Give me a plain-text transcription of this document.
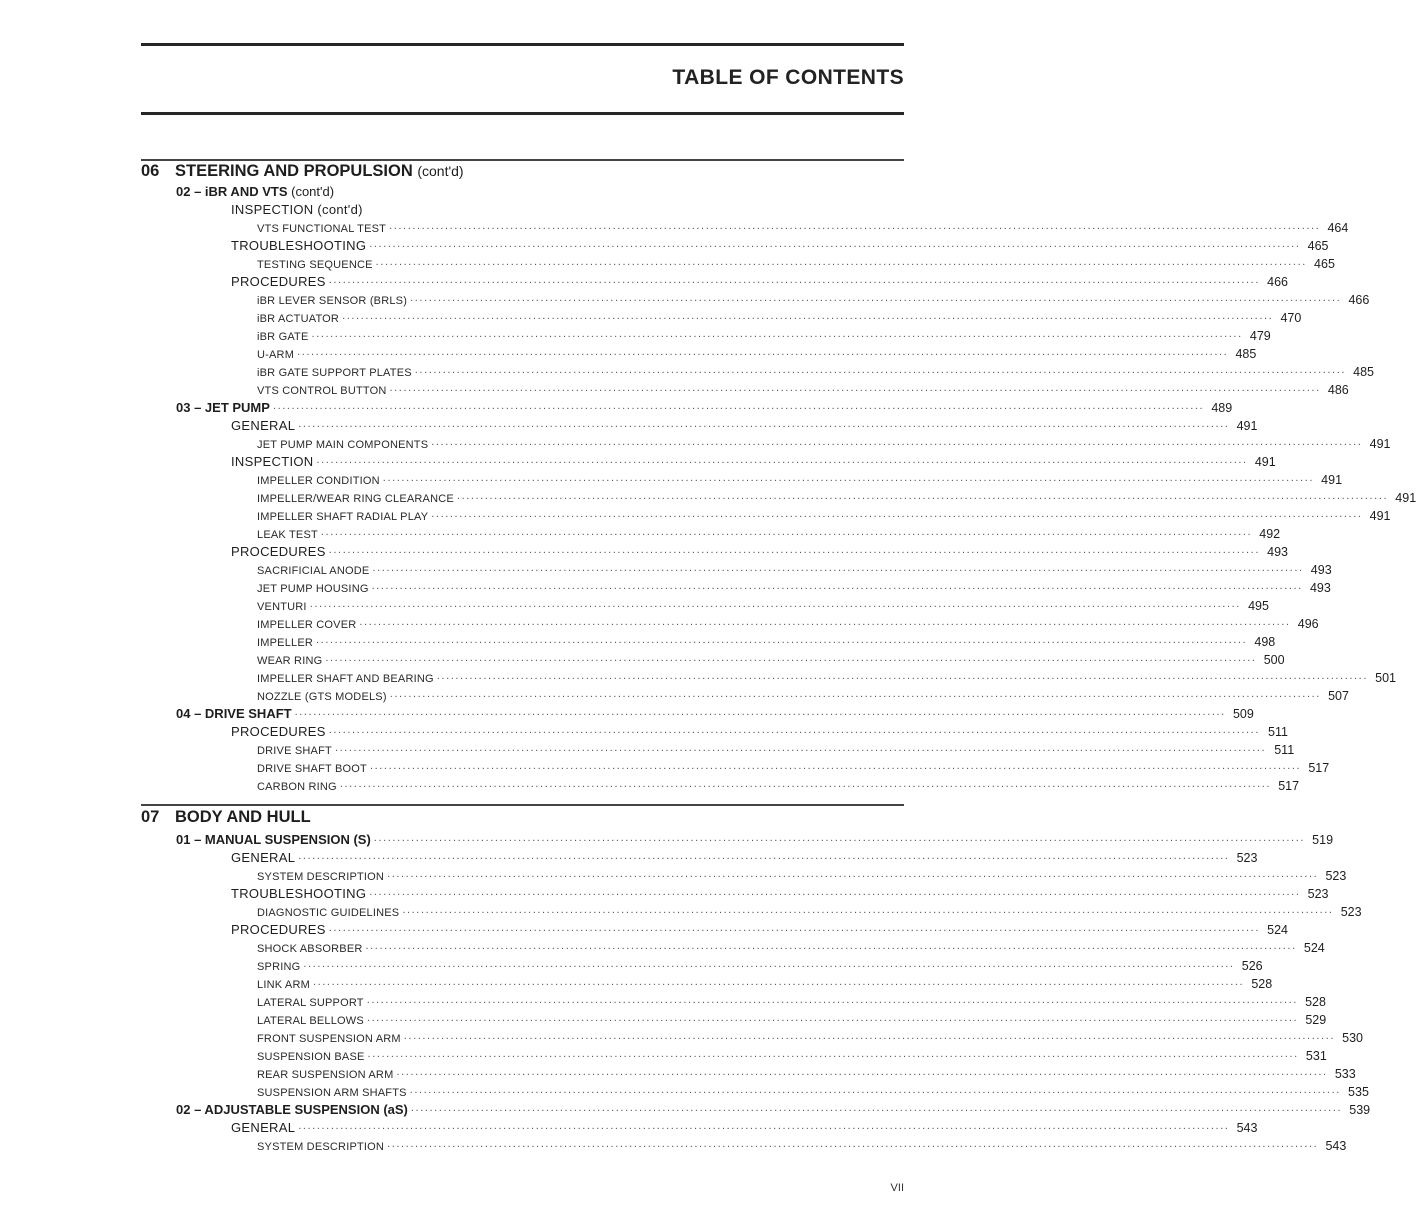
TABLE OF CONTENTS
06 STEERING AND PROPULSION (cont'd)
02 – iBR AND VTS (cont'd)
INSPECTION (cont'd)
VTS FUNCTIONAL TEST ........................................................................................................................................................................................................ 464
TROUBLESHOOTING ........................................................................................................................................................................................................ 465
TESTING SEQUENCE ........................................................................................................................................................................................................ 465
PROCEDURES ........................................................................................................................................................................................................ 466
iBR LEVER SENSOR (BRLS) ........................................................................................................................................................................................................ 466
iBR ACTUATOR ........................................................................................................................................................................................................ 470
iBR GATE ........................................................................................................................................................................................................ 479
U-ARM ........................................................................................................................................................................................................ 485
iBR GATE SUPPORT PLATES ........................................................................................................................................................................................................ 485
VTS CONTROL BUTTON ........................................................................................................................................................................................................ 486
03 – JET PUMP ........................................................................................................................................................................................................ 489
GENERAL ........................................................................................................................................................................................................ 491
JET PUMP MAIN COMPONENTS ........................................................................................................................................................................................................ 491
INSPECTION ........................................................................................................................................................................................................ 491
IMPELLER CONDITION ........................................................................................................................................................................................................ 491
IMPELLER/WEAR RING CLEARANCE ........................................................................................................................................................................................................ 491
IMPELLER SHAFT RADIAL PLAY ........................................................................................................................................................................................................ 491
LEAK TEST ........................................................................................................................................................................................................ 492
PROCEDURES ........................................................................................................................................................................................................ 493
SACRIFICIAL ANODE ........................................................................................................................................................................................................ 493
JET PUMP HOUSING ........................................................................................................................................................................................................ 493
VENTURI ........................................................................................................................................................................................................ 495
IMPELLER COVER ........................................................................................................................................................................................................ 496
IMPELLER ........................................................................................................................................................................................................ 498
WEAR RING ........................................................................................................................................................................................................ 500
IMPELLER SHAFT AND BEARING ........................................................................................................................................................................................................ 501
NOZZLE (GTS MODELS) ........................................................................................................................................................................................................ 507
04 – DRIVE SHAFT ........................................................................................................................................................................................................ 509
PROCEDURES ........................................................................................................................................................................................................ 511
DRIVE SHAFT ........................................................................................................................................................................................................ 511
DRIVE SHAFT BOOT ........................................................................................................................................................................................................ 517
CARBON RING ........................................................................................................................................................................................................ 517
07 BODY AND HULL
01 – MANUAL SUSPENSION (S) ........................................................................................................................................................................................................ 519
GENERAL ........................................................................................................................................................................................................ 523
SYSTEM DESCRIPTION ........................................................................................................................................................................................................ 523
TROUBLESHOOTING ........................................................................................................................................................................................................ 523
DIAGNOSTIC GUIDELINES ........................................................................................................................................................................................................ 523
PROCEDURES ........................................................................................................................................................................................................ 524
SHOCK ABSORBER ........................................................................................................................................................................................................ 524
SPRING ........................................................................................................................................................................................................ 526
LINK ARM ........................................................................................................................................................................................................ 528
LATERAL SUPPORT ........................................................................................................................................................................................................ 528
LATERAL BELLOWS ........................................................................................................................................................................................................ 529
FRONT SUSPENSION ARM ........................................................................................................................................................................................................ 530
SUSPENSION BASE ........................................................................................................................................................................................................ 531
REAR SUSPENSION ARM ........................................................................................................................................................................................................ 533
SUSPENSION ARM SHAFTS ........................................................................................................................................................................................................ 535
02 – ADJUSTABLE SUSPENSION (aS) ........................................................................................................................................................................................................ 539
GENERAL ........................................................................................................................................................................................................ 543
SYSTEM DESCRIPTION ........................................................................................................................................................................................................ 543
VII
